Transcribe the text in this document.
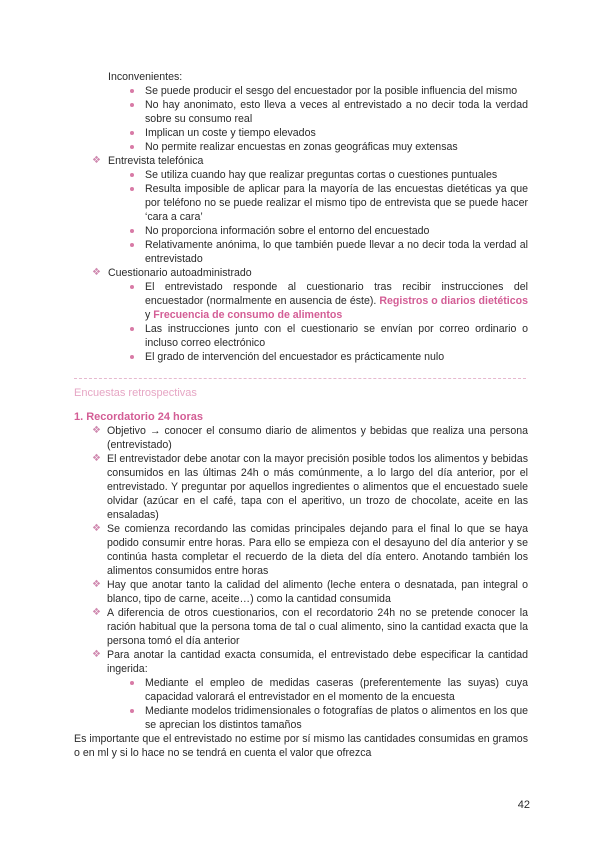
Inconvenientes:

Se puede producir el sesgo del encuestador por la posible influencia del mismo

No hay anonimato, esto lleva a veces al entrevistado a no decir toda la verdad sobre su consumo real

Implican un coste y tiempo elevados

No permite realizar encuestas en zonas geográficas muy extensas

❖ Entrevista telefónica

Se utiliza cuando hay que realizar preguntas cortas o cuestiones puntuales

Resulta imposible de aplicar para la mayoría de las encuestas dietéticas ya que por teléfono no se puede realizar el mismo tipo de entrevista que se puede hacer ‘cara a cara’

No proporciona información sobre el entorno del encuestado

Relativamente anónima, lo que también puede llevar a no decir toda la verdad al entrevistado

❖ Cuestionario autoadministrado

El entrevistado responde al cuestionario tras recibir instrucciones del encuestador (normalmente en ausencia de éste). Registros o diarios dietéticos y Frecuencia de consumo de alimentos

Las instrucciones junto con el cuestionario se envían por correo ordinario o incluso correo electrónico

El grado de intervención del encuestador es prácticamente nulo

Encuestas retrospectivas
1. Recordatorio 24 horas
❖ Objetivo → conocer el consumo diario de alimentos y bebidas que realiza una persona (entrevistado)

❖ El entrevistador debe anotar con la mayor precisión posible todos los alimentos y bebidas consumidos en las últimas 24h o más comúnmente, a lo largo del día anterior, por el entrevistado. Y preguntar por aquellos ingredientes o alimentos que el encuestado suele olvidar (azúcar en el café, tapa con el aperitivo, un trozo de chocolate, aceite en las ensaladas)

❖ Se comienza recordando las comidas principales dejando para el final lo que se haya podido consumir entre horas. Para ello se empieza con el desayuno del día anterior y se continúa hasta completar el recuerdo de la dieta del día entero. Anotando también los alimentos consumidos entre horas

❖ Hay que anotar tanto la calidad del alimento (leche entera o desnatada, pan integral o blanco, tipo de carne, aceite…) como la cantidad consumida

❖ A diferencia de otros cuestionarios, con el recordatorio 24h no se pretende conocer la ración habitual que la persona toma de tal o cual alimento, sino la cantidad exacta que la persona tomó el día anterior

❖ Para anotar la cantidad exacta consumida, el entrevistado debe especificar la cantidad ingerida:

Mediante el empleo de medidas caseras (preferentemente las suyas) cuya capacidad valorará el entrevistador en el momento de la encuesta

Mediante modelos tridimensionales o fotografías de platos o alimentos en los que se aprecian los distintos tamaños

Es importante que el entrevistado no estime por sí mismo las cantidades consumidas en gramos o en ml y si lo hace no se tendrá en cuenta el valor que ofrezca

42
